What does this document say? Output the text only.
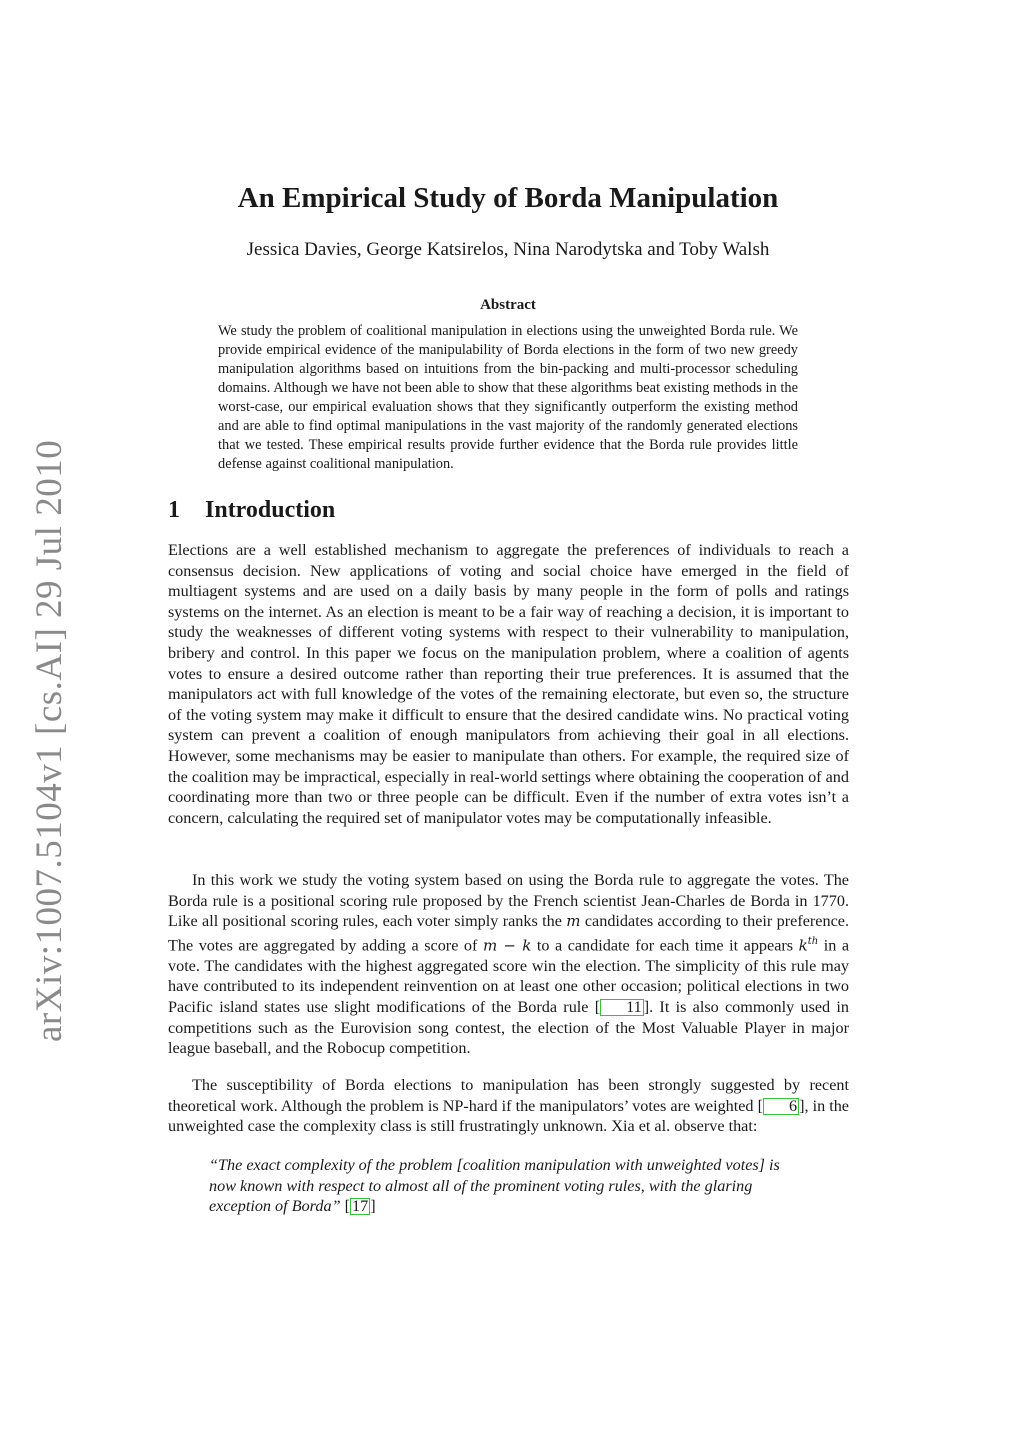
arXiv:1007.5104v1 [cs.AI] 29 Jul 2010
An Empirical Study of Borda Manipulation
Jessica Davies, George Katsirelos, Nina Narodytska and Toby Walsh
Abstract

We study the problem of coalitional manipulation in elections using the unweighted Borda rule. We provide empirical evidence of the manipulability of Borda elections in the form of two new greedy manipulation algorithms based on intuitions from the bin-packing and multi-processor scheduling domains. Although we have not been able to show that these algorithms beat existing methods in the worst-case, our empirical evaluation shows that they significantly outperform the existing method and are able to find optimal manipulations in the vast majority of the randomly generated elections that we tested. These empirical results provide further evidence that the Borda rule provides little defense against coalitional manipulation.

1 Introduction

Elections are a well established mechanism to aggregate the preferences of individuals to reach a consensus decision. New applications of voting and social choice have emerged in the field of multiagent systems and are used on a daily basis by many people in the form of polls and ratings systems on the internet. As an election is meant to be a fair way of reaching a decision, it is important to study the weaknesses of different voting systems with respect to their vulnerability to manipulation, bribery and control. In this paper we focus on the manipulation problem, where a coalition of agents votes to ensure a desired outcome rather than reporting their true preferences. It is assumed that the manipulators act with full knowledge of the votes of the remaining electorate, but even so, the structure of the voting system may make it difficult to ensure that the desired candidate wins. No practical voting system can prevent a coalition of enough manipulators from achieving their goal in all elections. However, some mechanisms may be easier to manipulate than others. For example, the required size of the coalition may be impractical, especially in real-world settings where obtaining the cooperation of and coordinating more than two or three people can be difficult. Even if the number of extra votes isn’t a concern, calculating the required set of manipulator votes may be computationally infeasible.

In this work we study the voting system based on using the Borda rule to aggregate the votes. The Borda rule is a positional scoring rule proposed by the French scientist Jean-Charles de Borda in 1770. Like all positional scoring rules, each voter simply ranks the m candidates according to their preference. The votes are aggregated by adding a score of m − k to a candidate for each time it appears $k^{th}$ in a vote. The candidates with the highest aggregated score win the election. The simplicity of this rule may have contributed to its independent reinvention on at least one other occasion; political elections in two Pacific island states use slight modifications of the Borda rule [ 11 ]. It is also commonly used in competitions such as the Eurovision song contest, the election of the Most Valuable Player in major league baseball, and the Robocup competition.

The susceptibility of Borda elections to manipulation has been strongly suggested by recent theoretical work. Although the problem is NP-hard if the manipulators’ votes are weighted [ 6 ], in the unweighted case the complexity class is still frustratingly unknown. Xia et al. observe that:

“The exact complexity of the problem [coalition manipulation with unweighted votes] is now known with respect to almost all of the prominent voting rules, with the glaring exception of Borda” [ 17 ]
